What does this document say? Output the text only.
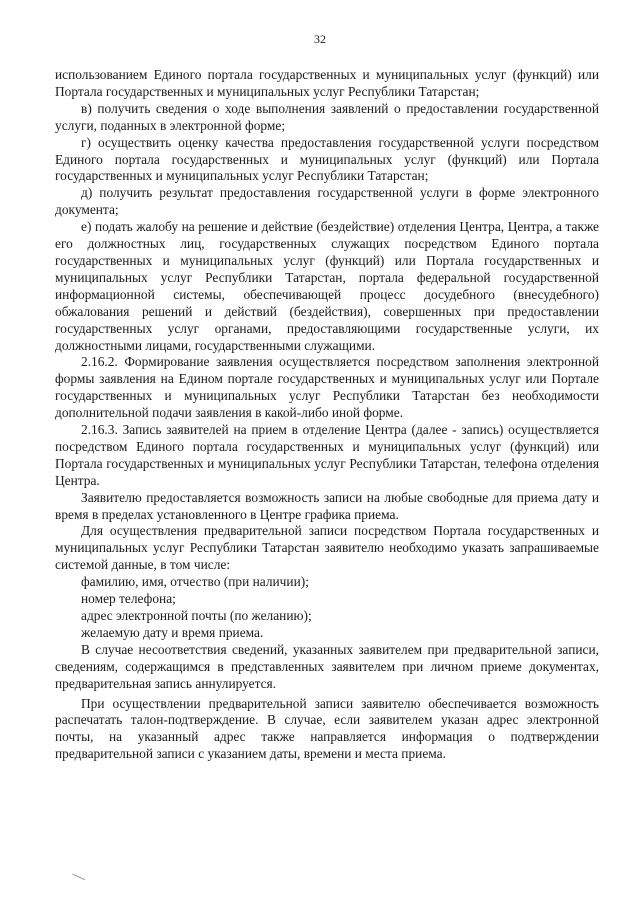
32

использованием Единого портала государственных и муниципальных услуг (функций) или Портала государственных и муниципальных услуг Республики Татарстан;

в) получить сведения о ходе выполнения заявлений о предоставлении государственной услуги, поданных в электронной форме;

г) осуществить оценку качества предоставления государственной услуги посредством Единого портала государственных и муниципальных услуг (функций) или Портала государственных и муниципальных услуг Республики Татарстан;

д) получить результат предоставления государственной услуги в форме электронного документа;

е) подать жалобу на решение и действие (бездействие) отделения Центра, Центра, а также его должностных лиц, государственных служащих посредством Единого портала государственных и муниципальных услуг (функций) или Портала государственных и муниципальных услуг Республики Татарстан, портала федеральной государственной информационной системы, обеспечивающей процесс досудебного (внесудебного) обжалования решений и действий (бездействия), совершенных при предоставлении государственных услуг органами, предоставляющими государственные услуги, их должностными лицами, государственными служащими.

2.16.2. Формирование заявления осуществляется посредством заполнения электронной формы заявления на Едином портале государственных и муниципальных услуг или Портале государственных и муниципальных услуг Республики Татарстан без необходимости дополнительной подачи заявления в какой-либо иной форме.

2.16.3. Запись заявителей на прием в отделение Центра (далее - запись) осуществляется посредством Единого портала государственных и муниципальных услуг (функций) или Портала государственных и муниципальных услуг Республики Татарстан, телефона отделения Центра.

Заявителю предоставляется возможность записи на любые свободные для приема дату и время в пределах установленного в Центре графика приема.

Для осуществления предварительной записи посредством Портала государственных и муниципальных услуг Республики Татарстан заявителю необходимо указать запрашиваемые системой данные, в том числе:

фамилию, имя, отчество (при наличии);

номер телефона;

адрес электронной почты (по желанию);

желаемую дату и время приема.

В случае несоответствия сведений, указанных заявителем при предварительной записи, сведениям, содержащимся в представленных заявителем при личном приеме документах, предварительная запись аннулируется.

При осуществлении предварительной записи заявителю обеспечивается возможность распечатать талон-подтверждение. В случае, если заявителем указан адрес электронной почты, на указанный адрес также направляется информация о подтверждении предварительной записи с указанием даты, времени и места приема.
